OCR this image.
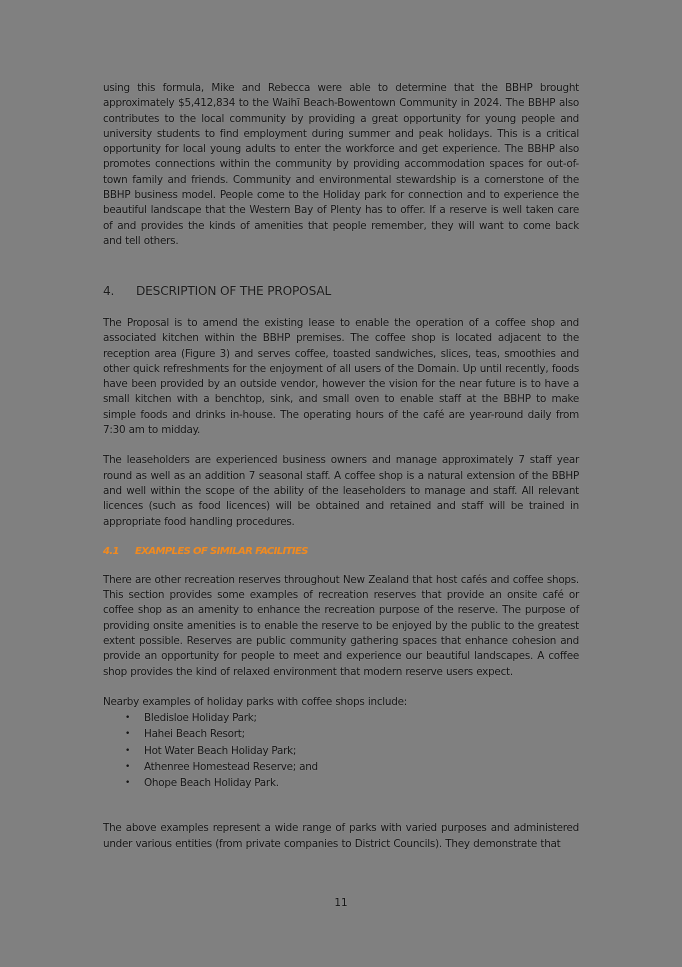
using this formula, Mike and Rebecca were able to determine that the BBHP brought approximately $5,412,834 to the Waihī Beach-Bowentown Community in 2024. The BBHP also contributes to the local community by providing a great opportunity for young people and university students to find employment during summer and peak holidays. This is a critical opportunity for local young adults to enter the workforce and get experience. The BBHP also promotes connections within the community by providing accommodation spaces for out-of-town family and friends. Community and environmental stewardship is a cornerstone of the BBHP business model. People come to the Holiday park for connection and to experience the beautiful landscape that the Western Bay of Plenty has to offer. If a reserve is well taken care of and provides the kinds of amenities that people remember, they will want to come back and tell others.

4.	DESCRIPTION OF THE PROPOSAL

The Proposal is to amend the existing lease to enable the operation of a coffee shop and associated kitchen within the BBHP premises. The coffee shop is located adjacent to the reception area (Figure 3) and serves coffee, toasted sandwiches, slices, teas, smoothies and other quick refreshments for the enjoyment of all users of the Domain. Up until recently, foods have been provided by an outside vendor, however the vision for the near future is to have a small kitchen with a benchtop, sink, and small oven to enable staff at the BBHP to make simple foods and drinks in-house. The operating hours of the café are year-round daily from 7:30 am to midday.

The leaseholders are experienced business owners and manage approximately 7 staff year round as well as an addition 7 seasonal staff. A coffee shop is a natural extension of the BBHP and well within the scope of the ability of the leaseholders to manage and staff. All relevant licences (such as food licences) will be obtained and retained and staff will be trained in appropriate food handling procedures.

4.1	EXAMPLES OF SIMILAR FACILITIES

There are other recreation reserves throughout New Zealand that host cafés and coffee shops. This section provides some examples of recreation reserves that provide an onsite café or coffee shop as an amenity to enhance the recreation purpose of the reserve. The purpose of providing onsite amenities is to enable the reserve to be enjoyed by the public to the greatest extent possible. Reserves are public community gathering spaces that enhance cohesion and provide an opportunity for people to meet and experience our beautiful landscapes. A coffee shop provides the kind of relaxed environment that modern reserve users expect.

Nearby examples of holiday parks with coffee shops include:

•	Bledisloe Holiday Park;
•	Hahei Beach Resort;
•	Hot Water Beach Holiday Park;
•	Athenree Homestead Reserve; and
•	Ohope Beach Holiday Park.

The above examples represent a wide range of parks with varied purposes and administered under various entities (from private companies to District Councils). They demonstrate that

11
